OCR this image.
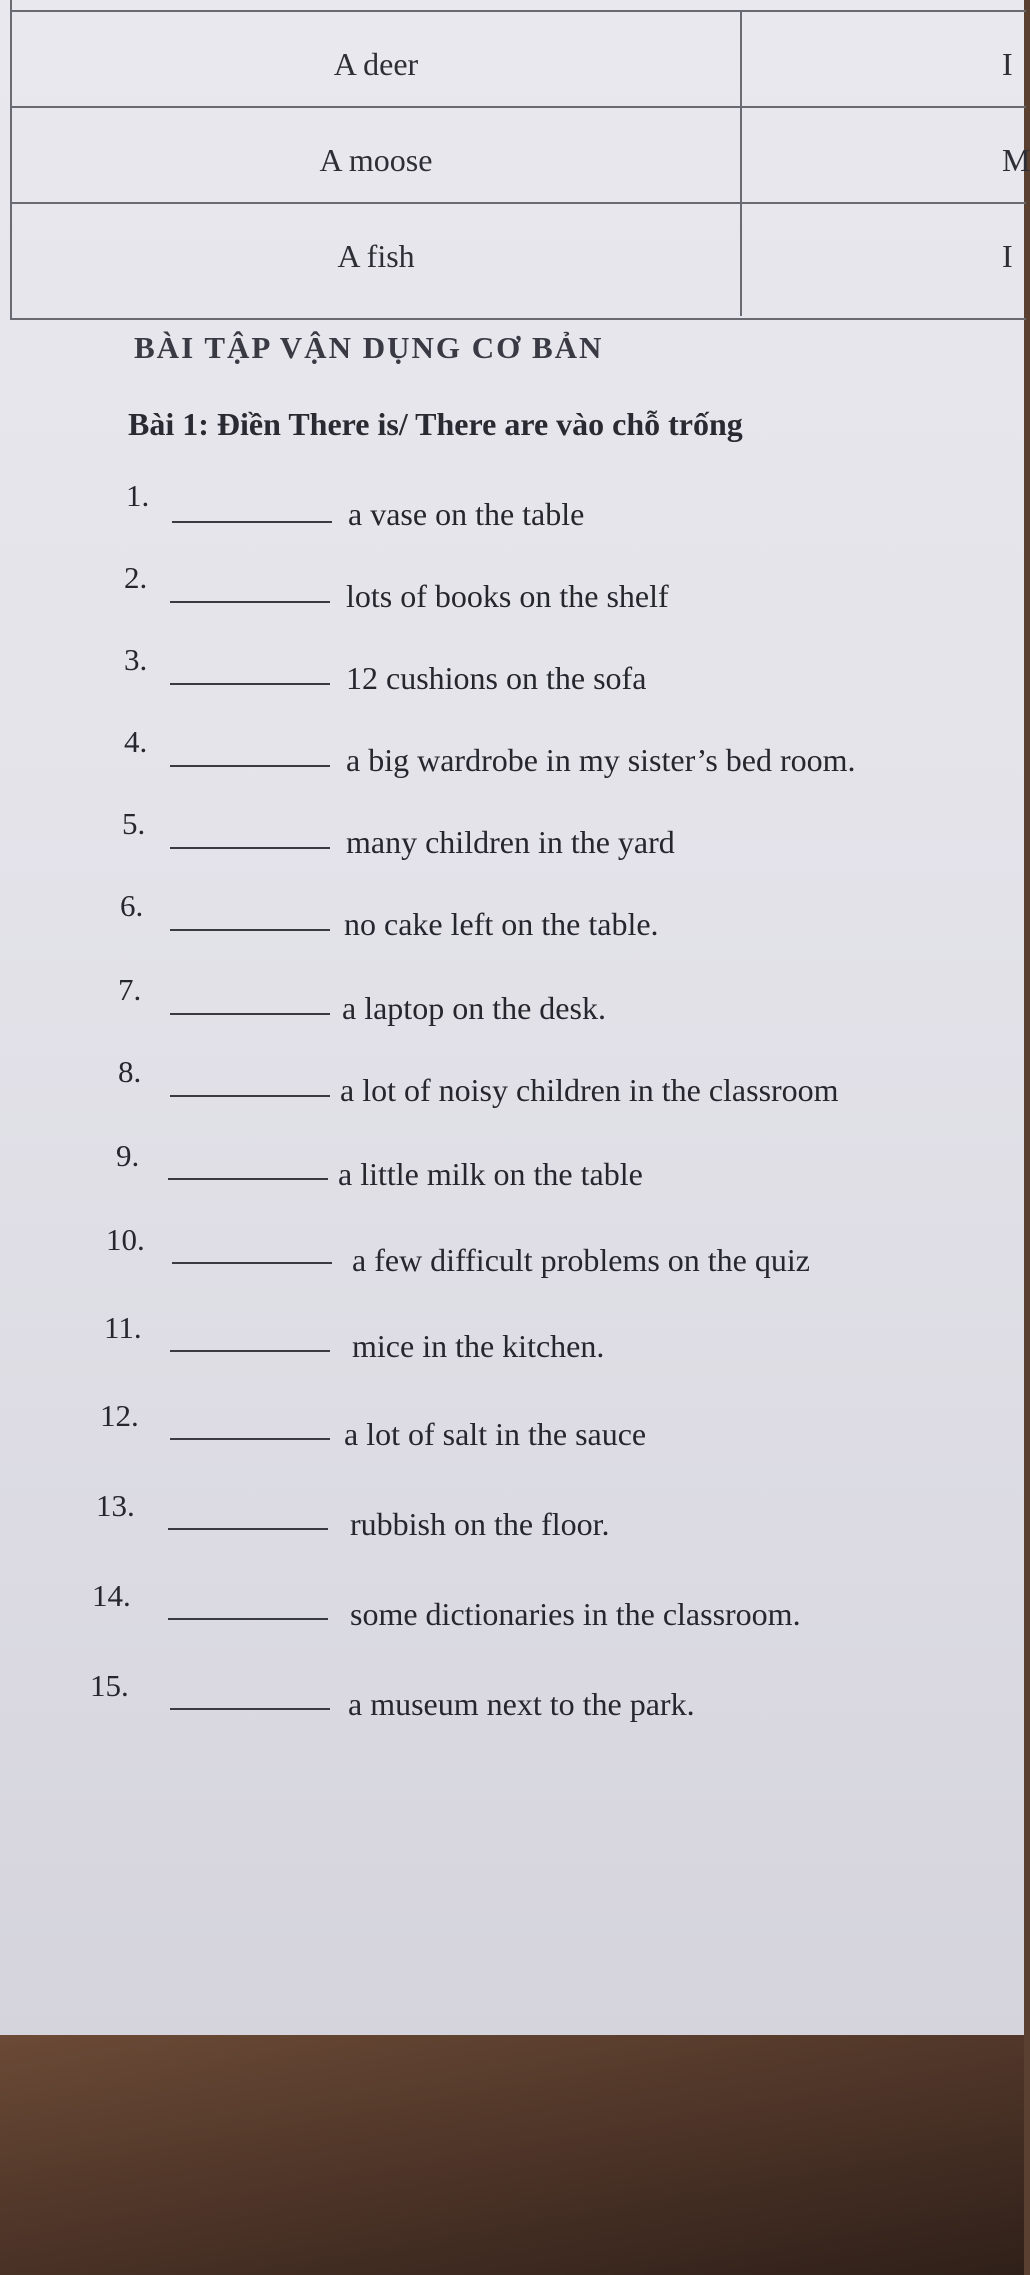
A deer	I
A moose	M
A fish	I
BÀI TẬP VẬN DỤNG CƠ BẢN
Bài 1: Điền There is/ There are vào chỗ trống
1.
a vase on the table
2.
lots of books on the shelf
3.
12 cushions on the sofa
4.
a big wardrobe in my sister’s bed room.
5.
many children in the yard
6.
no cake left on the table.
7.
a laptop on the desk.
8.
a lot of noisy children in the classroom
9.
a little milk on the table
10.
a few difficult problems on the quiz
11.
mice in the kitchen.
12.
a lot of salt in the sauce
13.
rubbish on the floor.
14.
some dictionaries in the classroom.
15.
a museum next to the park.
